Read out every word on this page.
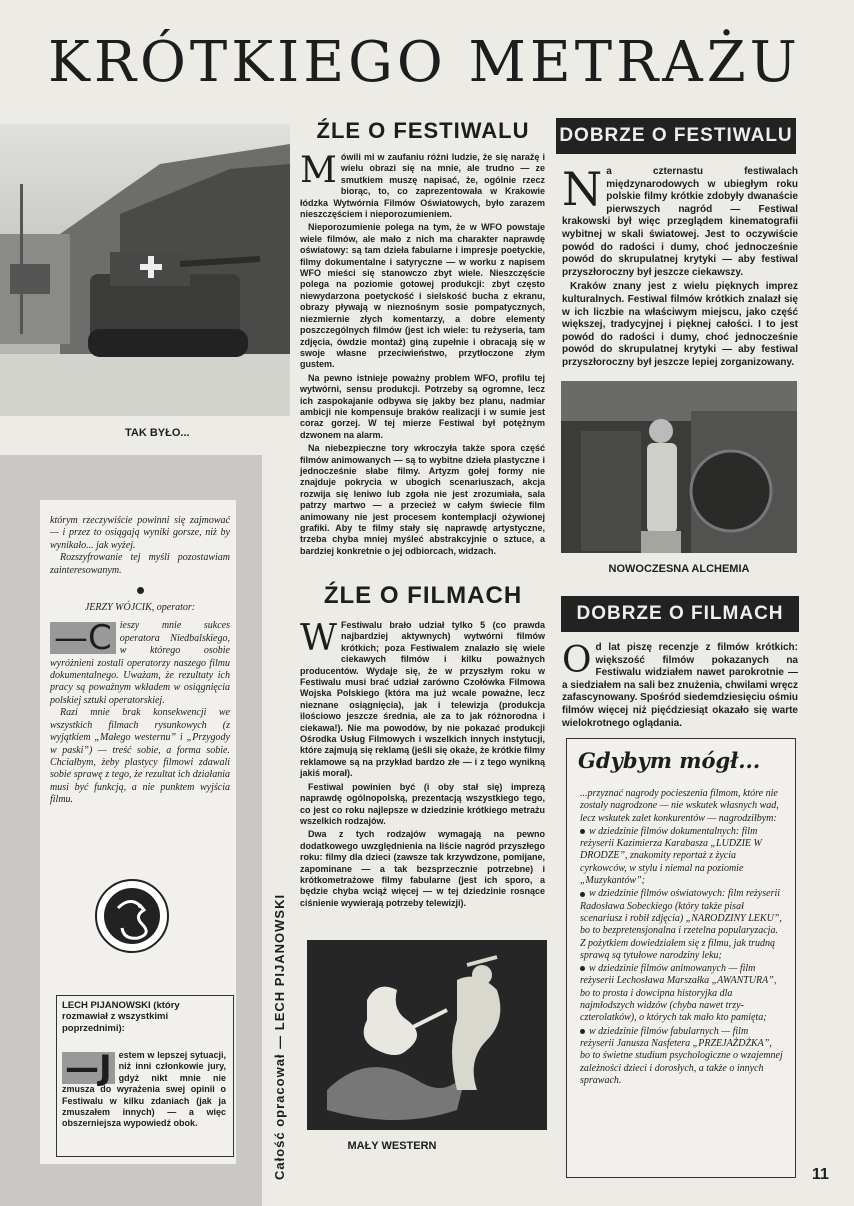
KRÓTKIEGO METRAŻU
TAK BYŁO...

którym rzeczywiście powinni się zajmować — i przez to osiągają wyniki gorsze, niż by wynikało... jak wyżej.

Rozszyfrowanie tej myśli pozostawiam zainteresowanym.

JERZY WÓJCIK, operator:

—C ieszy mnie sukces operatora Niedbalskiego, w którego osobie wyróżnieni zostali operatorzy naszego filmu dokumentalnego. Uważam, że rezultaty ich pracy są poważnym wkładem w osiągnięcia polskiej sztuki operatorskiej.

Razi mnie brak konsekwencji we wszystkich filmach rysunkowych (z wyjątkiem „Małego westernu” i „Przygody w paski”) — treść sobie, a forma sobie. Chciałbym, żeby plastycy filmowi zdawali sobie sprawę z tego, że rezultat ich działania musi być funkcją, a nie punktem wyjścia filmu.

LECH PIJANOWSKI (który rozmawiał z wszystkimi poprzednimi):
—J estem w lepszej sytuacji, niż inni członkowie jury, gdyż nikt mnie nie zmusza do wyrażenia swej opinii o Festiwalu w kilku zdaniach (jak ja zmuszałem innych) — a więc obszerniejsza wypowiedź obok.	Całość opracował — LECH PIJANOWSKI
ŹLE O FESTIWALU

M ówili mi w zaufaniu różni ludzie, że się naražę i wielu obrazi się na mnie, ale trudno — ze smutkiem muszę napisać, że, ogólnie rzecz biorąc, to, co zaprezentowała w Krakowie łódzka Wytwórnia Filmów Oświatowych, było zarazem nieszczęściem i nieporozumieniem.

Nieporozumienie polega na tym, że w WFO powstaje wiele filmów, ale mało z nich ma charakter naprawdę oświatowy: są tam dzieła fabularne i impresje poetyckie, filmy dokumentalne i satyryczne — w worku z napisem WFO mieści się stanowczo zbyt wiele. Nieszczęście polega na poziomie gotowej produkcji: zbyt często niewydarzona poetyckość i sielskość bucha z ekranu, obrazy pływają w nieznośnym sosie pompatycznych, niezmiernie złych komentarzy, a dobre elementy poszczególnych filmów (jest ich wiele: tu reżyseria, tam zdjęcia, ówdzie montaż) giną zupełnie i obracają się w swoje własne przeciwieństwo, przytłoczone złym gustem.

Na pewno istnieje poważny problem WFO, profilu tej wytwórni, sensu produkcji. Potrzeby są ogromne, lecz ich zaspokajanie odbywa się jakby bez planu, nadmiar ambicji nie kompensuje braków realizacji i w sumie jest coraz gorzej. W tej mierze Festiwal był potężnym dzwonem na alarm.

Na niebezpieczne tory wkroczyła także spora część filmów animowanych — są to wybitne dzieła plastyczne i jednocześnie słabe filmy. Artyzm gołej formy nie znajduje pokrycia w ubogich scenariuszach, akcja rozwija się leniwo lub zgoła nie jest zrozumiała, sala patrzy martwo — a przecież w całym świecie film animowany nie jest procesem kontemplacji ożywionej grafiki. Aby te filmy stały się naprawdę artystyczne, trzeba chyba mniej myśleć abstrakcyjnie o sztuce, a bardziej konkretnie o jej odbiorcach, widzach.

ŹLE O FILMACH

W Festiwalu brało udział tylko 5 (co prawda najbardziej aktywnych) wytwórni filmów krótkich; poza Festiwalem znalazło się wiele ciekawych filmów i kilku poważnych producentów. Wydaje się, że w przyszłym roku w Festiwalu musi brać udział zarówno Czołówka Filmowa Wojska Polskiego (która ma już wcale poważne, lecz nieznane osiągnięcia), jak i telewizja (produkcja ilościowo jeszcze średnia, ale za to jak różnorodna i ciekawa!). Nie ma powodów, by nie pokazać produkcji Ośrodka Usług Filmowych i wszelkich innych instytucji, które zajmują się reklamą (jeśli się okaże, że krótkie filmy reklamowe są na przykład bardzo złe — i z tego wynikną jakiś morał).

Festiwal powinien być (i oby stał się) imprezą naprawdę ogólnopolską, prezentacją wszystkiego tego, co jest co roku najlepsze w dziedzinie krótkiego metrażu wszelkich rodzajów.

Dwa z tych rodzajów wymagają na pewno dodatkowego uwzględnienia na liście nagród przyszłego roku: filmy dla dzieci (zawsze tak krzywdzone, pomijane, zapominane — a tak bezsprzecznie potrzebne) i krótkometrażowe filmy fabularne (jest ich sporo, a będzie chyba wciąż więcej — w tej dziedzinie rosnące ciśnienie wywierają potrzeby telewizji).

MAŁY WESTERN
DOBRZE O FESTIWALU

N a czternastu festiwalach międzynarodowych w ubiegłym roku polskie filmy krótkie zdobyły dwanaście pierwszych nagród — Festiwal krakowski był więc przeglądem kinematografii wybitnej w skali światowej. Jest to oczywiście powód do radości i dumy, choć jednocześnie powód do skrupulatnej krytyki — aby festiwal przyszłoroczny był jeszcze ciekawszy.

Kraków znany jest z wielu pięknych imprez kulturalnych. Festiwal filmów krótkich znalazł się w ich liczbie na właściwym miejscu, jako część większej, tradycyjnej i pięknej całości. I to jest powód do radości i dumy, choć jednocześnie powód do skrupulatnej krytyki — aby festiwal przyszłoroczny był jeszcze lepiej zorganizowany.

NOWOCZESNA ALCHEMIA
DOBRZE O FILMACH

O d lat piszę recenzje z filmów krótkich: większość filmów pokazanych na Festiwalu widziałem nawet parokrotnie — a siedziałem na sali bez znużenia, chwilami wręcz zafascynowany. Spośród siedemdziesięciu ośmiu filmów więcej niż pięćdziesiąt okazało się warte wielokrotnego oglądania.

Gdybym mógł...

...przyznać nagrody pocieszenia filmom, które nie zostały nagrodzone — nie wskutek własnych wad, lecz wskutek zalet konkurentów — nagrodziłbym:

w dziedzinie filmów dokumentalnych: film reżyserii Kazimierza Karabasza „LUDZIE W DRODZE”, znakomity reportaż z życia cyrkowców, w stylu i niemal na poziomie „Muzykantów”;

w dziedzinie filmów oświatowych: film reżyserii Radosława Sobeckiego (który także pisał scenariusz i robił zdjęcia) „NARODZINY LEKU”, bo to bezpretensjonalna i rzetelna popularyzacja. Z pożytkiem dowiedziałem się z filmu, jak trudną sprawą są tytułowe narodziny leku;

w dziedzinie filmów animowanych — film reżyserii Lechosława Marszałka „AWANTURA”, bo to prosta i dowcipna historyjka dla najmłodszych widzów (chyba nawet trzy-czterolatków), o których tak mało kto pamięta;

w dziedzinie filmów fabularnych — film reżyserii Janusza Nasfetera „PRZEJAŻDŻKA”, bo to świetne studium psychologiczne o wzajemnej zależności dzieci i dorosłych, a także o innych sprawach.

11
